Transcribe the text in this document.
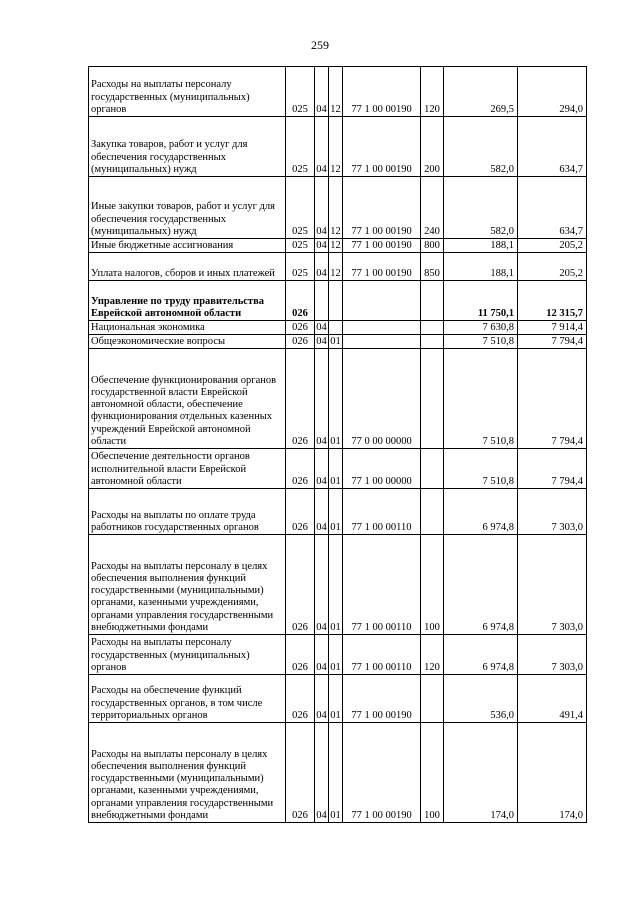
259
Расходы на выплаты персоналу государственных (муниципальных) органов	025	04	12	77 1 00 00190	120	269,5	294,0
Закупка товаров, работ и услуг для обеспечения государственных (муниципальных) нужд	025	04	12	77 1 00 00190	200	582,0	634,7
Иные закупки товаров, работ и услуг для обеспечения государственных (муниципальных) нужд	025	04	12	77 1 00 00190	240	582,0	634,7
Иные бюджетные ассигнования	025	04	12	77 1 00 00190	800	188,1	205,2
Уплата налогов, сборов и иных платежей	025	04	12	77 1 00 00190	850	188,1	205,2
Управление по труду правительства Еврейской автономной области	026					11 750,1	12 315,7
Национальная экономика	026	04				7 630,8	7 914,4
Общеэкономические вопросы	026	04	01			7 510,8	7 794,4
Обеспечение функционирования органов государственной власти Еврейской автономной области, обеспечение функционирования отдельных казенных учреждений Еврейской автономной области	026	04	01	77 0 00 00000		7 510,8	7 794,4
Обеспечение деятельности органов исполнительной власти Еврейской автономной области	026	04	01	77 1 00 00000		7 510,8	7 794,4
Расходы на выплаты по оплате труда работников государственных органов	026	04	01	77 1 00 00110		6 974,8	7 303,0
Расходы на выплаты персоналу в целях обеспечения выполнения функций государственными (муниципальными) органами, казенными учреждениями, органами управления государственными внебюджетными фондами	026	04	01	77 1 00 00110	100	6 974,8	7 303,0
Расходы на выплаты персоналу государственных (муниципальных) органов	026	04	01	77 1 00 00110	120	6 974,8	7 303,0
Расходы на обеспечение функций государственных органов, в том числе территориальных органов	026	04	01	77 1 00 00190		536,0	491,4
Расходы на выплаты персоналу в целях обеспечения выполнения функций государственными (муниципальными) органами, казенными учреждениями, органами управления государственными внебюджетными фондами	026	04	01	77 1 00 00190	100	174,0	174,0
